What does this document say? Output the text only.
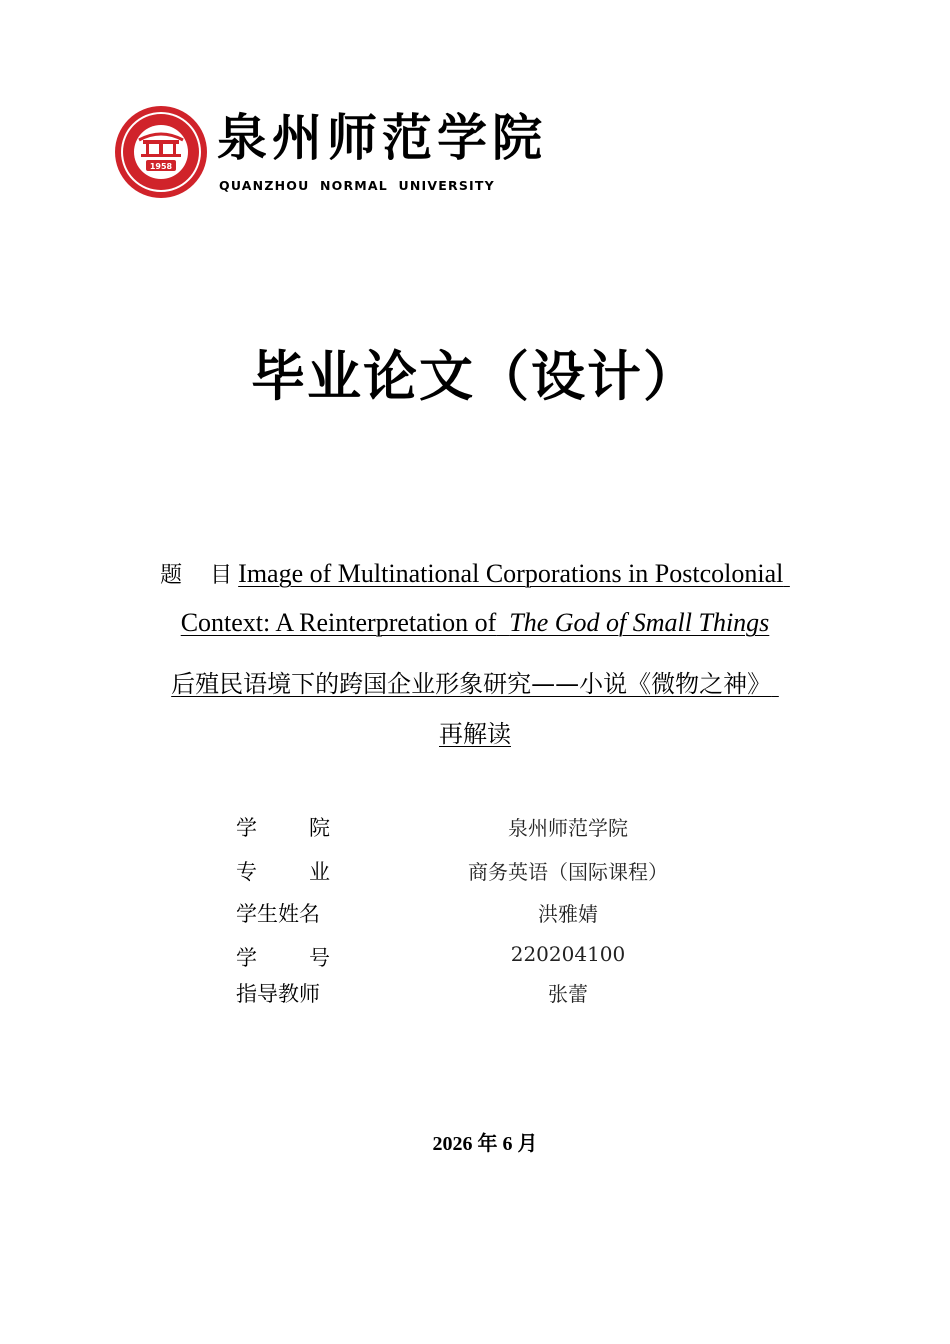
1958 泉州师范学院
QUANZHOU NORMAL UNIVERSITY
毕业论文（设计）
题 目 Image of Multinational Corporations in Postcolonial
Context: A Reinterpretation of The God of Small Things
后殖民语境下的跨国企业形象研究——小说《微物之神》
再解读
学 院	泉州师范学院
专 业	商务英语（国际课程）
学生姓名	洪雅婧
学 号	220204100
指导教师	张蕾
2026 年 6 月
